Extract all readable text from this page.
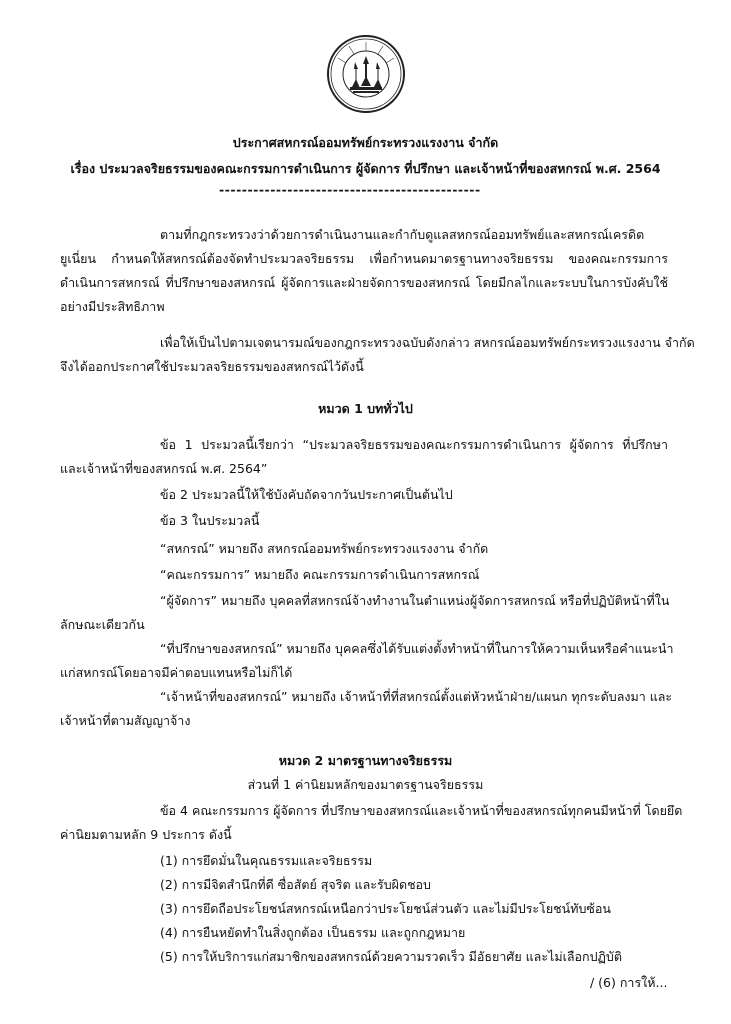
ประกาศสหกรณ์ออมทรัพย์กระทรวงแรงงาน จำกัด
เรื่อง ประมวลจริยธรรมของคณะกรรมการดำเนินการ ผู้จัดการ ที่ปรึกษา และเจ้าหน้าที่ของสหกรณ์ พ.ศ. 2564
----------------------------------------------
ตามที่กฎกระทรวงว่าด้วยการดำเนินงานและกำกับดูแลสหกรณ์ออมทรัพย์และสหกรณ์เครดิต
ยูเนี่ยน กำหนดให้สหกรณ์ต้องจัดทำประมวลจริยธรรม เพื่อกำหนดมาตรฐานทางจริยธรรม ของคณะกรรมการ
ดำเนินการสหกรณ์ ที่ปรึกษาของสหกรณ์ ผู้จัดการและฝ่ายจัดการของสหกรณ์ โดยมีกลไกและระบบในการบังคับใช้
อย่างมีประสิทธิภาพ
เพื่อให้เป็นไปตามเจตนารมณ์ของกฎกระทรวงฉบับดังกล่าว สหกรณ์ออมทรัพย์กระทรวงแรงงาน จำกัด
จึงได้ออกประกาศใช้ประมวลจริยธรรมของสหกรณ์ไว้ดังนี้
หมวด 1 บททั่วไป
ข้อ 1 ประมวลนี้เรียกว่า “ประมวลจริยธรรมของคณะกรรมการดำเนินการ ผู้จัดการ ที่ปรึกษา
และเจ้าหน้าที่ของสหกรณ์ พ.ศ. 2564”
ข้อ 2 ประมวลนี้ให้ใช้บังคับถัดจากวันประกาศเป็นต้นไป
ข้อ 3 ในประมวลนี้
“สหกรณ์” หมายถึง สหกรณ์ออมทรัพย์กระทรวงแรงงาน จำกัด
“คณะกรรมการ” หมายถึง คณะกรรมการดำเนินการสหกรณ์
“ผู้จัดการ” หมายถึง บุคคลที่สหกรณ์จ้างทำงานในตำแหน่งผู้จัดการสหกรณ์ หรือที่ปฏิบัติหน้าที่ใน
ลักษณะเดียวกัน
“ที่ปรึกษาของสหกรณ์” หมายถึง บุคคลซึ่งได้รับแต่งตั้งทำหน้าที่ในการให้ความเห็นหรือคำแนะนำ
แก่สหกรณ์โดยอาจมีค่าตอบแทนหรือไม่ก็ได้
“เจ้าหน้าที่ของสหกรณ์” หมายถึง เจ้าหน้าที่ที่สหกรณ์ตั้งแต่หัวหน้าฝ่าย/แผนก ทุกระดับลงมา และ
เจ้าหน้าที่ตามสัญญาจ้าง
หมวด 2 มาตรฐานทางจริยธรรม
ส่วนที่ 1 ค่านิยมหลักของมาตรฐานจริยธรรม
ข้อ 4 คณะกรรมการ ผู้จัดการ ที่ปรึกษาของสหกรณ์และเจ้าหน้าที่ของสหกรณ์ทุกคนมีหน้าที่ โดยยึด
ค่านิยมตามหลัก 9 ประการ ดังนี้
(1) การยึดมั่นในคุณธรรมและจริยธรรม
(2) การมีจิตสำนึกที่ดี ซื่อสัตย์ สุจริต และรับผิดชอบ
(3) การยึดถือประโยชน์สหกรณ์เหนือกว่าประโยชน์ส่วนตัว และไม่มีประโยชน์ทับซ้อน
(4) การยืนหยัดทำในสิ่งถูกต้อง เป็นธรรม และถูกกฎหมาย
(5) การให้บริการแก่สมาชิกของสหกรณ์ด้วยความรวดเร็ว มีอัธยาศัย และไม่เลือกปฏิบัติ
/ (6) การให้...
